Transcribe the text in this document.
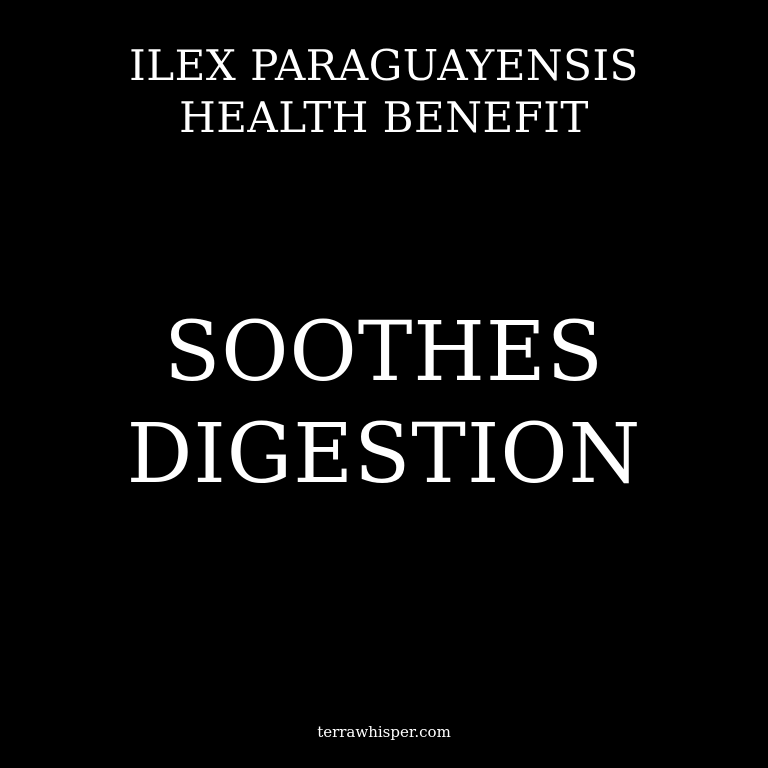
ILEX PARAGUAYENSIS
HEALTH BENEFIT
SOOTHES
DIGESTION
terrawhisper.com
